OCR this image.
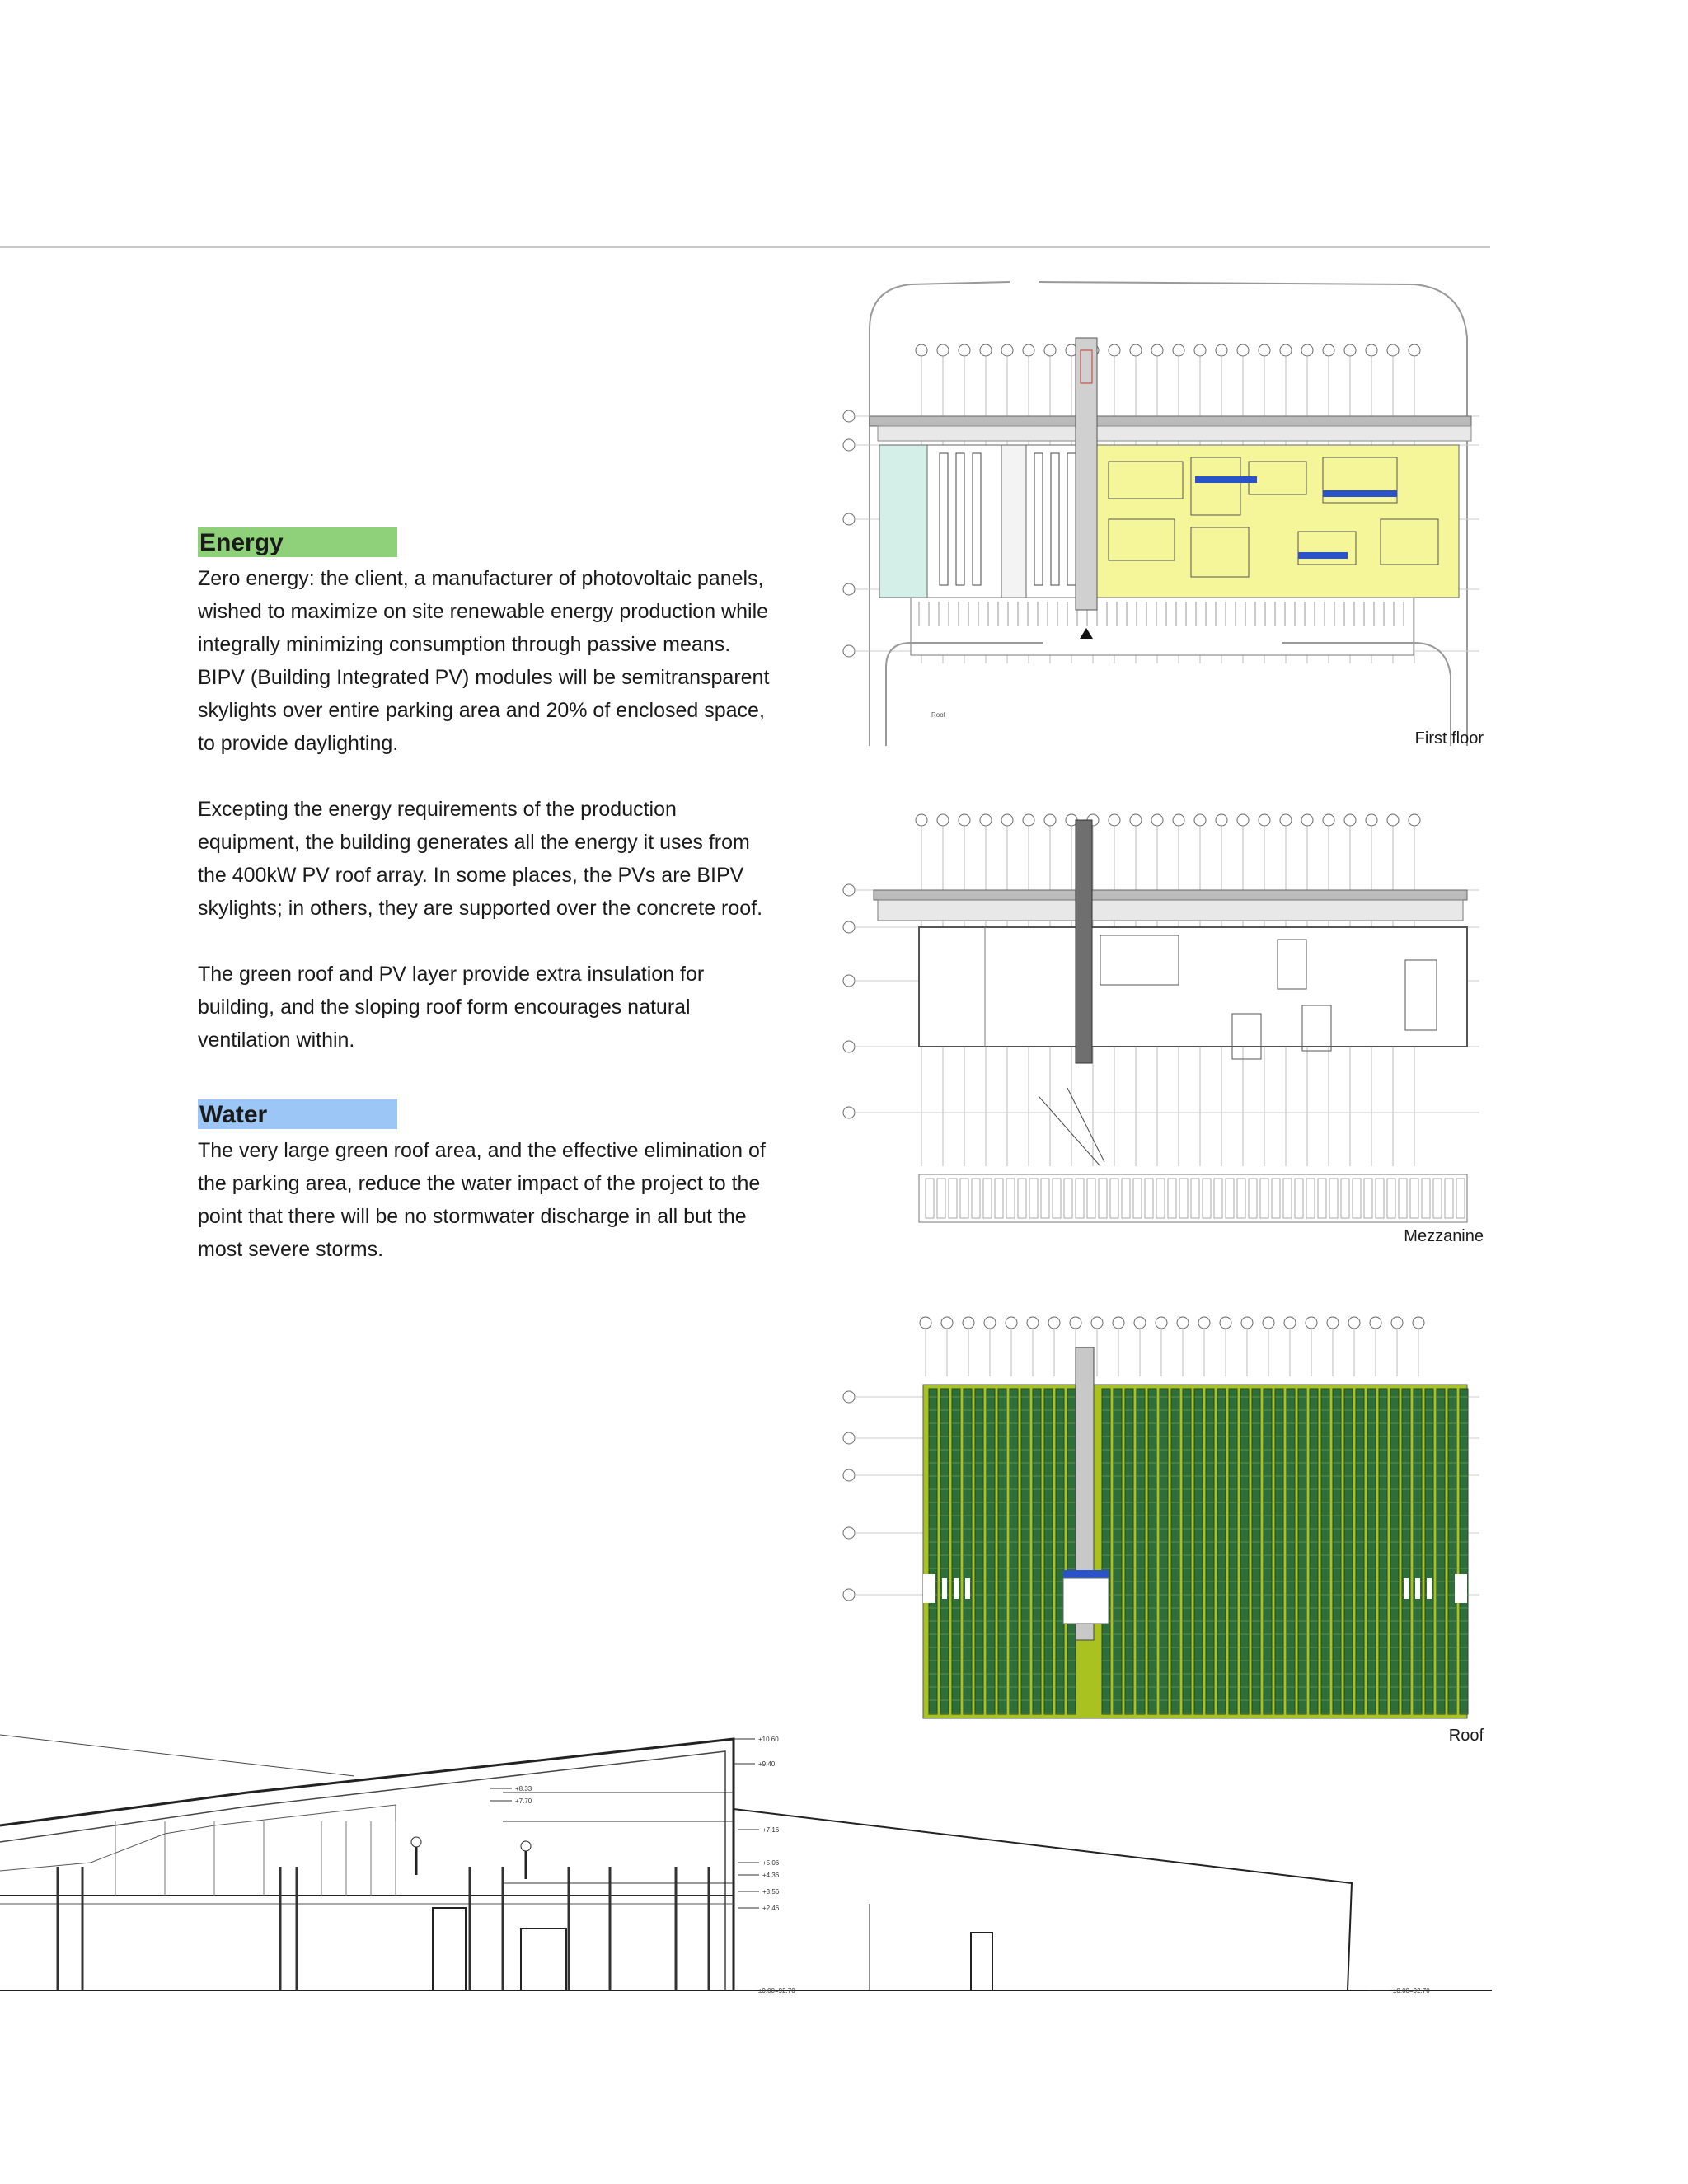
Energy

Zero energy: the client, a manufacturer of photovoltaic panels, wished to maximize on site renewable energy production while integrally minimizing consumption through passive means. BIPV (Building Integrated PV) modules will be semitransparent skylights over entire parking area and 20% of enclosed space, to provide daylighting.

Excepting the energy requirements of the production equipment, the building generates all the energy it uses from the 400kW PV roof array. In some places, the PVs are BIPV skylights; in others, they are supported over the concrete roof.

The green roof and PV layer provide extra insulation for building, and the sloping roof form encourages natural ventilation within.

Water

The very large green roof area, and the effective elimination of the parking area, reduce the water impact of the project to the point that there will be no stormwater discharge in all but the most severe storms.

Roof
First floor
Mezzanine
Roof
+10.60
+9.40
+8.33
+7.70
+7.16
+5.06
+4.36
+3.56
+2.46
±0.00=92.70	±0.00=92.70
